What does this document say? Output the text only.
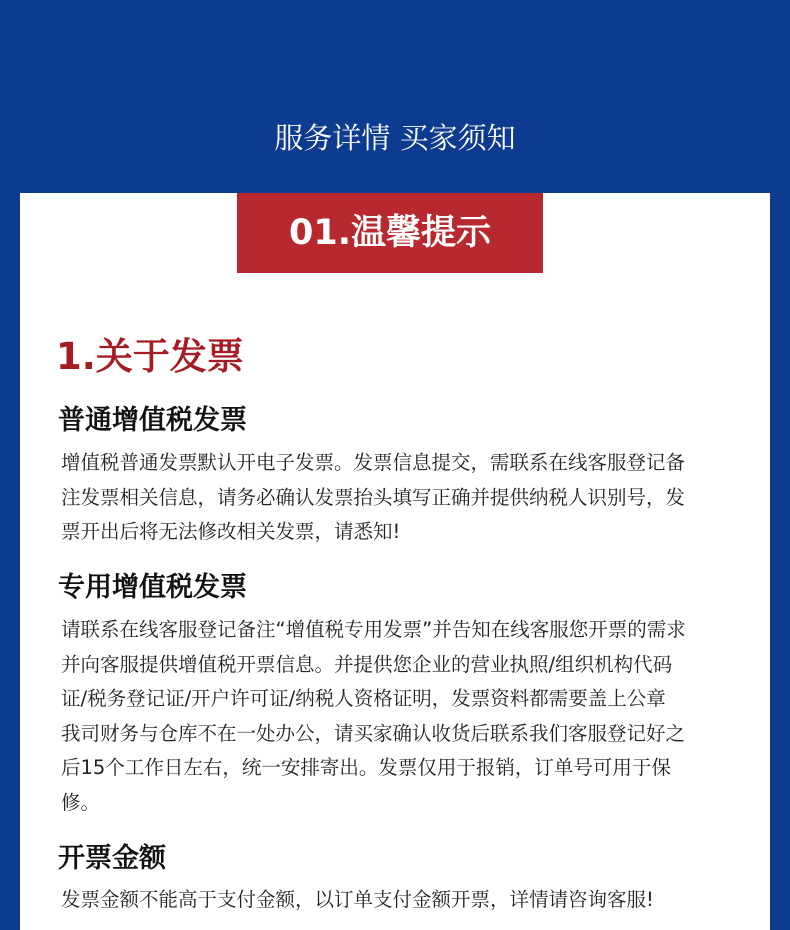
服务详情 买家须知
01.温馨提示
1.关于发票
普通增值税发票

增值税普通发票默认开电子发票。发票信息提交，需联系在线客服登记备

注发票相关信息，请务必确认发票抬头填写正确并提供纳税人识别号，发

票开出后将无法修改相关发票，请悉知!

专用增值税发票

请联系在线客服登记备注“增值税专用发票”并告知在线客服您开票的需求

并向客服提供增值税开票信息。并提供您企业的营业执照/组织机构代码

证/税务登记证/开户许可证/纳税人资格证明，发票资料都需要盖上公章

我司财务与仓库不在一处办公，请买家确认收货后联系我们客服登记好之

后15个工作日左右，统一安排寄出。发票仅用于报销，订单号可用于保

修。

开票金额

发票金额不能高于支付金额，以订单支付金额开票，详情请咨询客服!
